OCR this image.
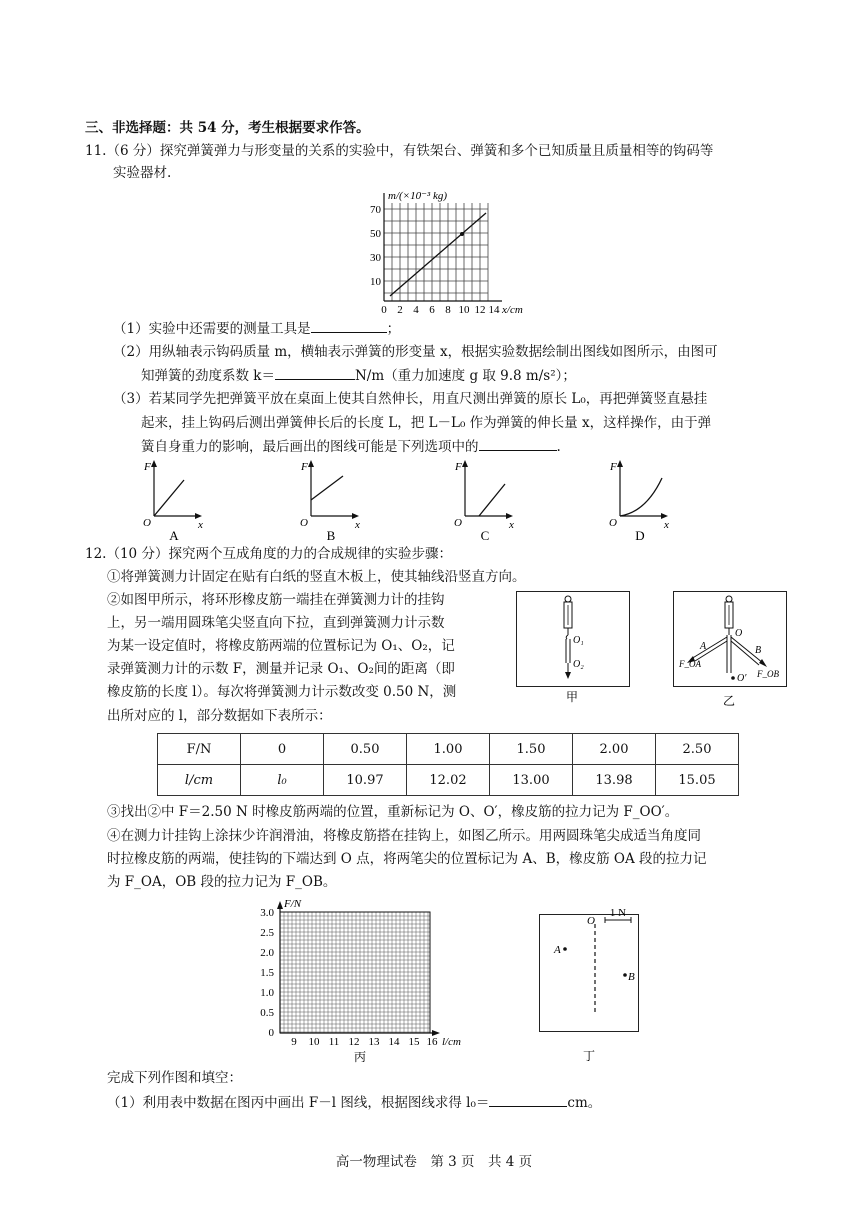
三、非选择题：共 54 分，考生根据要求作答。
11.（6 分）探究弹簧弹力与形变量的关系的实验中，有铁架台、弹簧和多个已知质量且质量相等的钩码等
实验器材.
m/(×10⁻³ kg)
x/cm
70
50
30
10
0 2 4 6 8 10 12 14
（1）实验中还需要的测量工具是	；
（2）用纵轴表示钩码质量 m，横轴表示弹簧的形变量 x，根据实验数据绘制出图线如图所示，由图可
知弹簧的劲度系数 k＝	N/m（重力加速度 g 取 9.8 m/s²）；
（3）若某同学先把弹簧平放在桌面上使其自然伸长，用直尺测出弹簧的原长 L₀，再把弹簧竖直悬挂
起来，挂上钩码后测出弹簧伸长后的长度 L，把 L－L₀ 作为弹簧的伸长量 x，这样操作，由于弹
簧自身重力的影响，最后画出的图线可能是下列选项中的	.
F
O	x
A
F
O	x
B
F
O	x
C
F
O	x
D
12.（10 分）探究两个互成角度的力的合成规律的实验步骤：
①将弹簧测力计固定在贴有白纸的竖直木板上，使其轴线沿竖直方向。
②如图甲所示，将环形橡皮筋一端挂在弹簧测力计的挂钩
上，另一端用圆珠笔尖竖直向下拉，直到弹簧测力计示数
为某一设定值时，将橡皮筋两端的位置标记为 O₁、O₂，记
录弹簧测力计的示数 F，测量并记录 O₁、O₂间的距离（即
橡皮筋的长度 l）。每次将弹簧测力计示数改变 0.50 N，测
出所对应的 l，部分数据如下表所示：
O₁
O₂
甲
O
A	B
F_OA
F_OB
O′
乙
F/N	0	0.50	1.00	1.50	2.00	2.50
l/cm	l₀	10.97	12.02	13.00	13.98	15.05
③找出②中 F＝2.50 N 时橡皮筋两端的位置，重新标记为 O、O′，橡皮筋的拉力记为 F_OO′。
④在测力计挂钩上涂抹少许润滑油，将橡皮筋搭在挂钩上，如图乙所示。用两圆珠笔尖成适当角度同
时拉橡皮筋的两端，使挂钩的下端达到 O 点，将两笔尖的位置标记为 A、B，橡皮筋 OA 段的拉力记
为 F_OA，OB 段的拉力记为 F_OB。
F/N
l/cm
3.0
2.5
2.0
1.5
1.0
0.5
0
9 10 11 12 13 14 15 16
丙
O
1 N
A
B
丁
完成下列作图和填空：
（1）利用表中数据在图丙中画出 F－l 图线，根据图线求得 l₀＝	cm。
高一物理试卷　第 3 页　共 4 页
